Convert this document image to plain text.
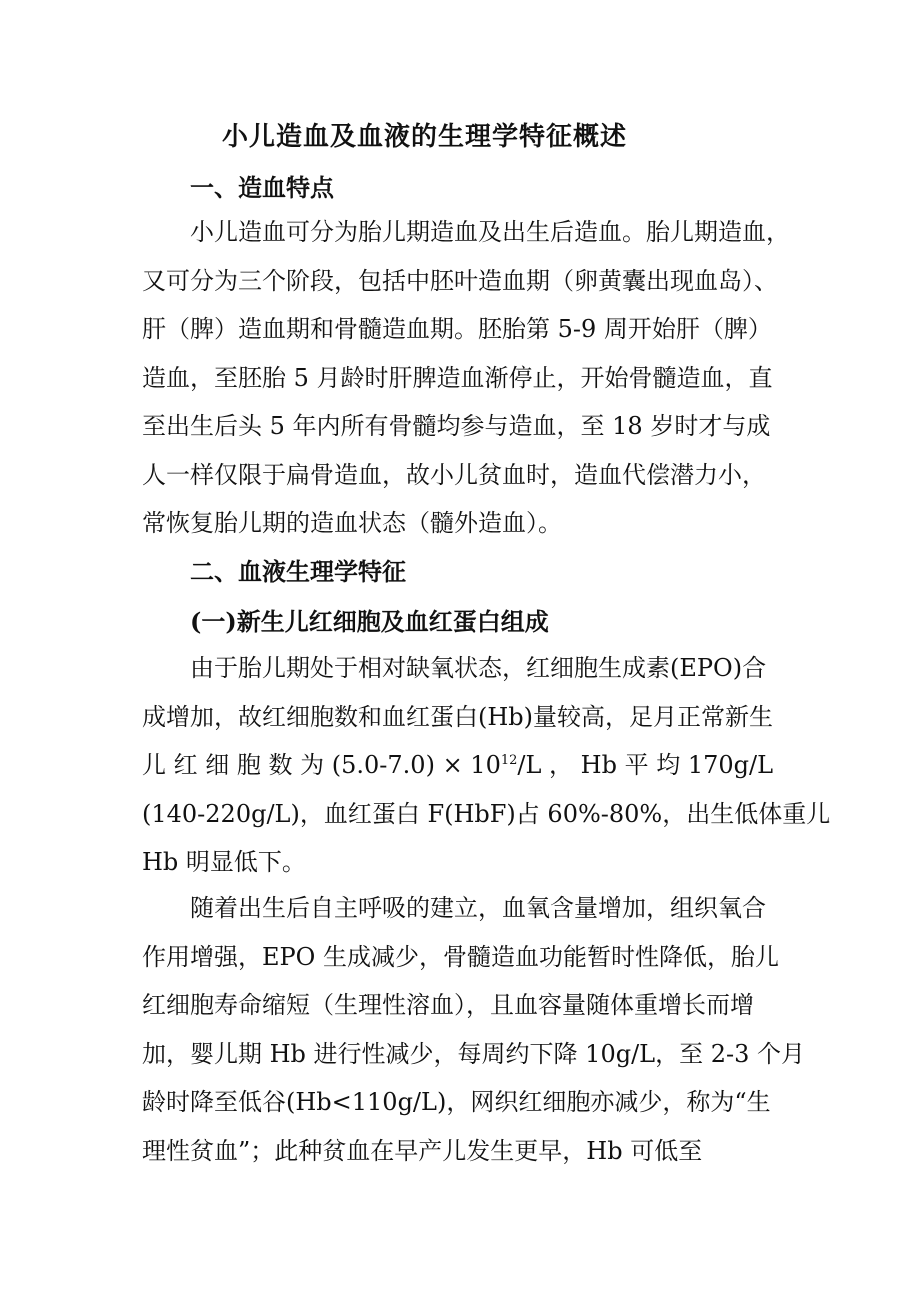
小儿造血及血液的生理学特征概述
一、造血特点
小儿造血可分为胎儿期造血及出生后造血。胎儿期造血，
又可分为三个阶段，包括中胚叶造血期（卵黄囊出现血岛）、
肝（脾）造血期和骨髓造血期。胚胎第 5-9 周开始肝（脾）
造血，至胚胎 5 月龄时肝脾造血渐停止，开始骨髓造血，直
至出生后头 5 年内所有骨髓均参与造血，至 18 岁时才与成
人一样仅限于扁骨造血，故小儿贫血时，造血代偿潜力小，
常恢复胎儿期的造血状态（髓外造血）。
二、血液生理学特征
(一)新生儿红细胞及血红蛋白组成
由于胎儿期处于相对缺氧状态，红细胞生成素(EPO)合
成增加，故红细胞数和血红蛋白(Hb)量较高，足月正常新生
儿 红 细 胞 数 为 $(5.0-7.0) \times 10^{12}/L$ ， Hb 平 均 170g/L
(140-220g/L)，血红蛋白 F(HbF)占 60%-80%，出生低体重儿
Hb 明显低下。
随着出生后自主呼吸的建立，血氧含量增加，组织氧合
作用增强，EPO 生成减少，骨髓造血功能暂时性降低，胎儿
红细胞寿命缩短（生理性溶血），且血容量随体重增长而增
加，婴儿期 Hb 进行性减少，每周约下降 10g/L，至 2-3 个月
龄时降至低谷(Hb<110g/L)，网织红细胞亦减少，称为“生
理性贫血”；此种贫血在早产儿发生更早，Hb 可低至
